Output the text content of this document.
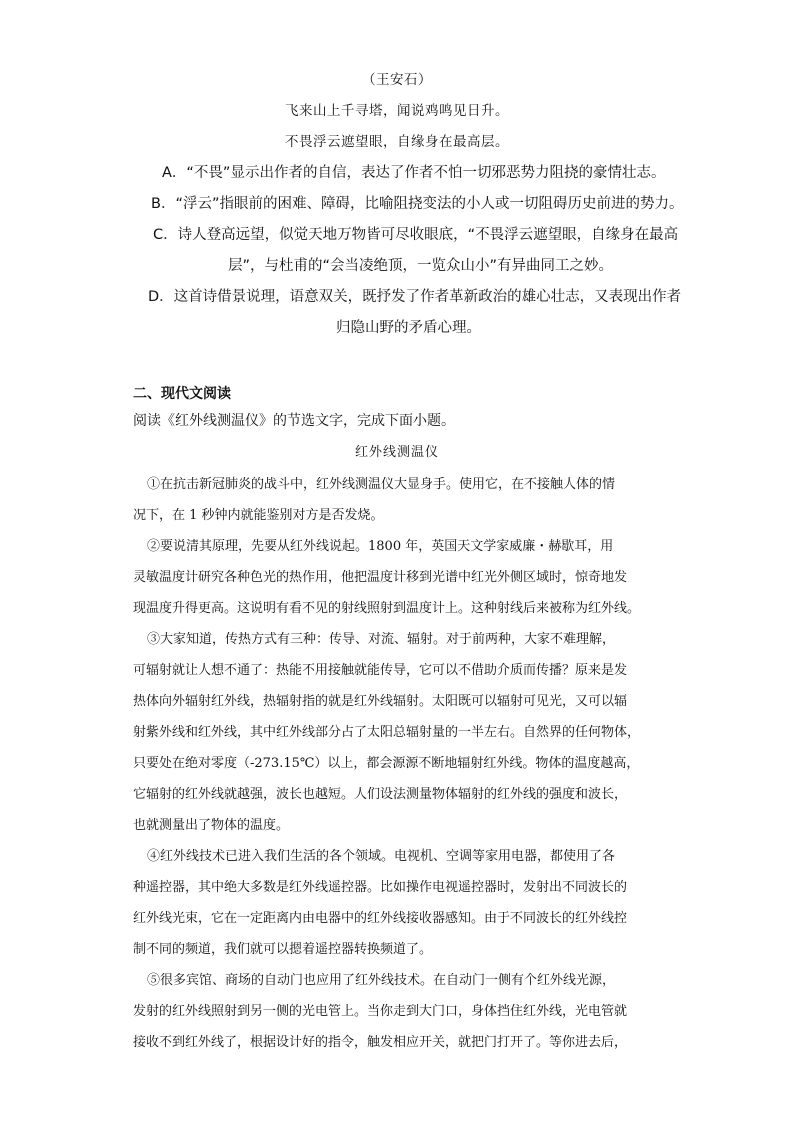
（王安石）
飞来山上千寻塔，闻说鸡鸣见日升。
不畏浮云遮望眼，自缘身在最高层。
A．“不畏”显示出作者的自信，表达了作者不怕一切邪恶势力阻挠的豪情壮志。
B．“浮云”指眼前的困难、障碍，比喻阻挠变法的小人或一切阻碍历史前进的势力。
C．诗人登高远望，似觉天地万物皆可尽收眼底，“不畏浮云遮望眼，自缘身在最高
层”，与杜甫的“会当凌绝顶，一览众山小”有异曲同工之妙。
D．这首诗借景说理，语意双关，既抒发了作者革新政治的雄心壮志，又表现出作者
归隐山野的矛盾心理。
二、现代文阅读
阅读《红外线测温仪》的节选文字，完成下面小题。
红外线测温仪
①在抗击新冠肺炎的战斗中，红外线测温仪大显身手。使用它，在不接触人体的情
况下，在 1 秒钟内就能鉴别对方是否发烧。
②要说清其原理，先要从红外线说起。1800 年，英国天文学家威廉・赫歇耳，用
灵敏温度计研究各种色光的热作用，他把温度计移到光谱中红光外侧区域时，惊奇地发
现温度升得更高。这说明有看不见的射线照射到温度计上。这种射线后来被称为红外线。
③大家知道，传热方式有三种：传导、对流、辐射。对于前两种，大家不难理解，
可辐射就让人想不通了：热能不用接触就能传导，它可以不借助介质而传播？原来是发
热体向外辐射红外线，热辐射指的就是红外线辐射。太阳既可以辐射可见光，又可以辐
射紫外线和红外线，其中红外线部分占了太阳总辐射量的一半左右。自然界的任何物体，
只要处在绝对零度（-273.15℃）以上，都会源源不断地辐射红外线。物体的温度越高，
它辐射的红外线就越强，波长也越短。人们设法测量物体辐射的红外线的强度和波长，
也就测量出了物体的温度。
④红外线技术已进入我们生活的各个领域。电视机、空调等家用电器，都使用了各
种遥控器，其中绝大多数是红外线遥控器。比如操作电视遥控器时，发射出不同波长的
红外线光束，它在一定距离内由电器中的红外线接收器感知。由于不同波长的红外线控
制不同的频道，我们就可以摁着遥控器转换频道了。
⑤很多宾馆、商场的自动门也应用了红外线技术。在自动门一侧有个红外线光源，
发射的红外线照射到另一侧的光电管上。当你走到大门口，身体挡住红外线，光电管就
接收不到红外线了，根据设计好的指令，触发相应开关，就把门打开了。等你进去后，
